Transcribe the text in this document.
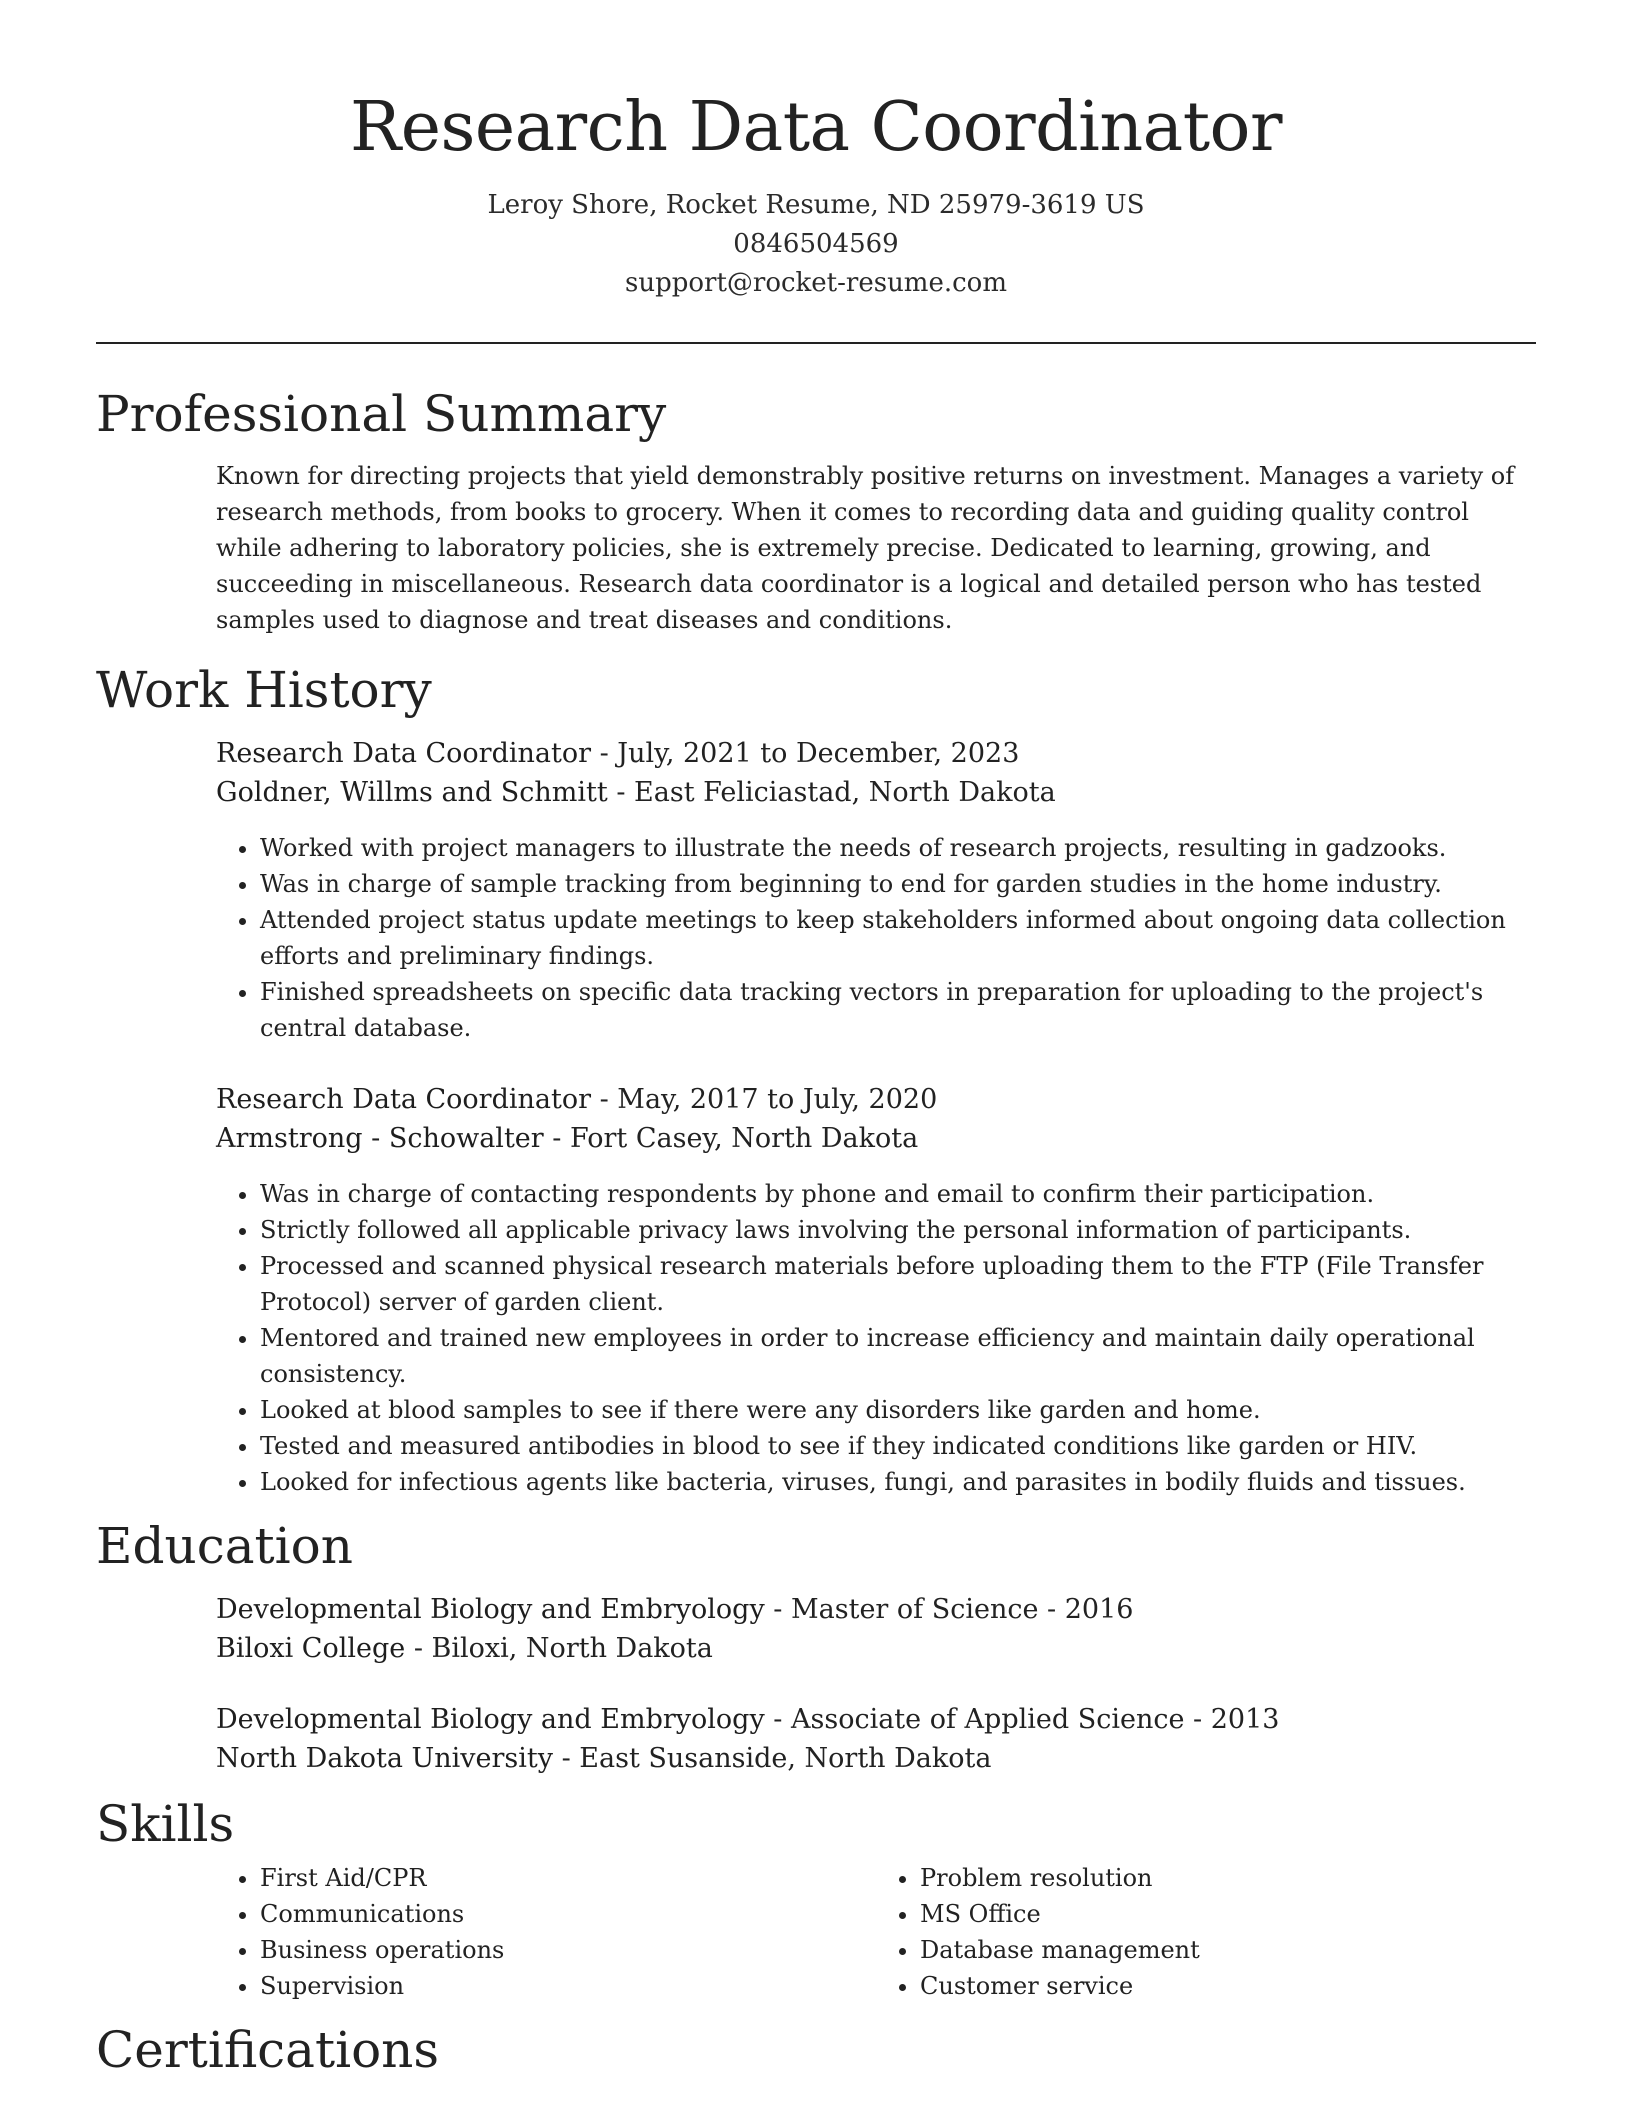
Research Data Coordinator
Leroy Shore, Rocket Resume, ND 25979-3619 US
0846504569
support@rocket-resume.com
Professional Summary

Known for directing projects that yield demonstrably positive returns on investment. Manages a variety of research methods, from books to grocery. When it comes to recording data and guiding quality control while adhering to laboratory policies, she is extremely precise. Dedicated to learning, growing, and succeeding in miscellaneous. Research data coordinator is a logical and detailed person who has tested samples used to diagnose and treat diseases and conditions.

Work History
Research Data Coordinator - July, 2021 to December, 2023
Goldner, Willms and Schmitt - East Feliciastad, North Dakota
• Worked with project managers to illustrate the needs of research projects, resulting in gadzooks.
• Was in charge of sample tracking from beginning to end for garden studies in the home industry.
• Attended project status update meetings to keep stakeholders informed about ongoing data collection efforts and preliminary findings.
• Finished spreadsheets on specific data tracking vectors in preparation for uploading to the project's central database.
Research Data Coordinator - May, 2017 to July, 2020
Armstrong - Schowalter - Fort Casey, North Dakota
• Was in charge of contacting respondents by phone and email to confirm their participation.
• Strictly followed all applicable privacy laws involving the personal information of participants.
• Processed and scanned physical research materials before uploading them to the FTP (File Transfer Protocol) server of garden client.
• Mentored and trained new employees in order to increase efficiency and maintain daily operational consistency.
• Looked at blood samples to see if there were any disorders like garden and home.
• Tested and measured antibodies in blood to see if they indicated conditions like garden or HIV.
• Looked for infectious agents like bacteria, viruses, fungi, and parasites in bodily fluids and tissues.
Education
Developmental Biology and Embryology - Master of Science - 2016
Biloxi College - Biloxi, North Dakota
Developmental Biology and Embryology - Associate of Applied Science - 2013
North Dakota University - East Susanside, North Dakota
Skills
• First Aid/CPR
• Communications
• Business operations
• Supervision
• Problem resolution
• MS Office
• Database management
• Customer service
Certifications
